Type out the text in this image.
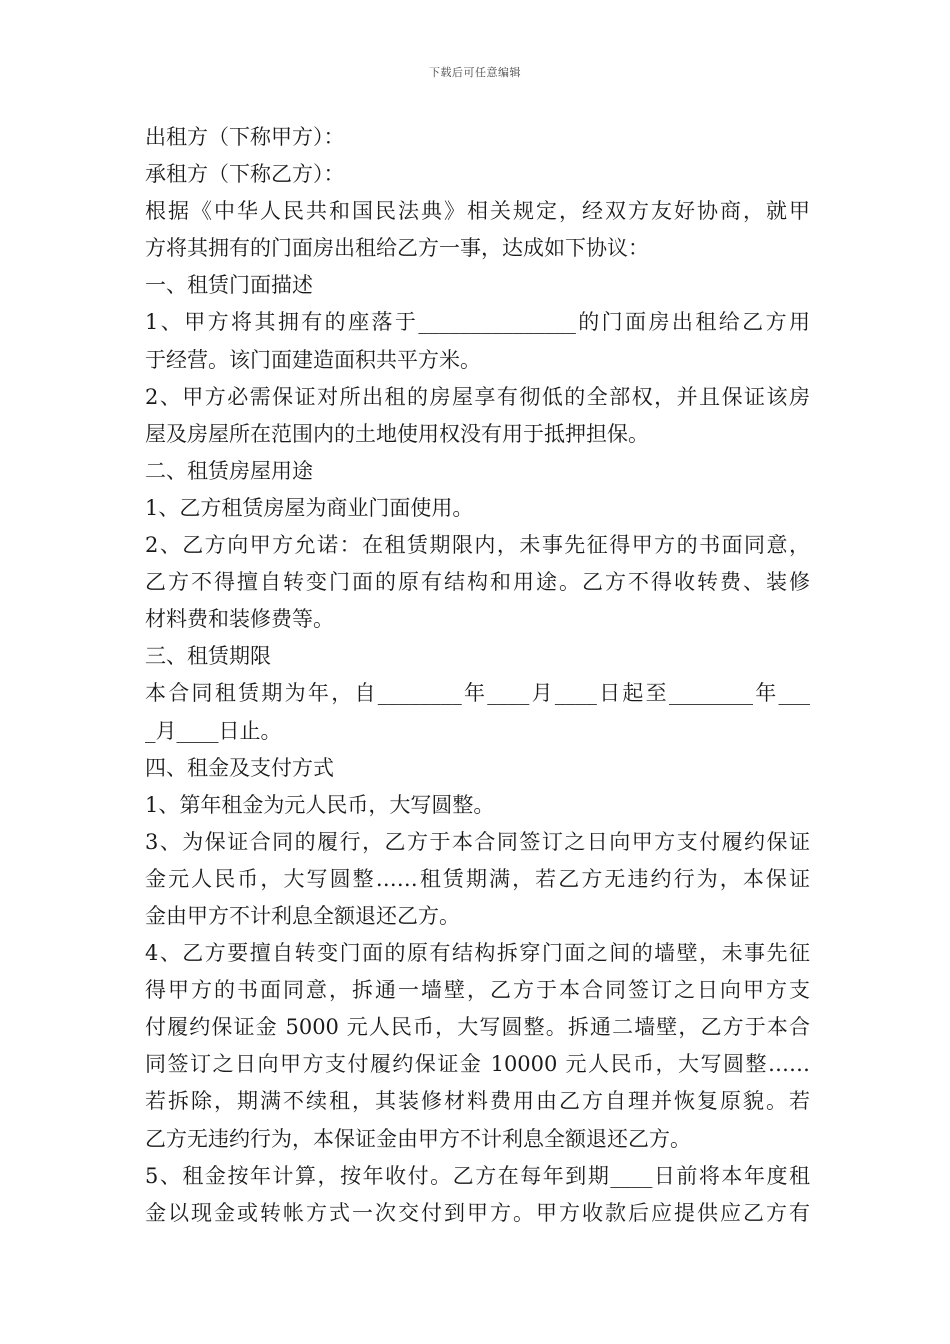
下载后可任意编辑
出租方（下称甲方）：
承租方（下称乙方）：
根据《中华人民共和国民法典》相关规定，经双方友好协商，就甲
方将其拥有的门面房出租给乙方一事，达成如下协议：
一、租赁门面描述
1、甲方将其拥有的座落于_______________的门面房出租给乙方用
于经营。该门面建造面积共平方米。
2、甲方必需保证对所出租的房屋享有彻低的全部权，并且保证该房
屋及房屋所在范围内的土地使用权没有用于抵押担保。
二、租赁房屋用途
1、乙方租赁房屋为商业门面使用。
2、乙方向甲方允诺：在租赁期限内，未事先征得甲方的书面同意，
乙方不得擅自转变门面的原有结构和用途。乙方不得收转费、装修
材料费和装修费等。
三、租赁期限
本合同租赁期为年，自________年____月____日起至________年___
_月____日止。
四、租金及支付方式
1、第年租金为元人民币，大写圆整。
3、为保证合同的履行，乙方于本合同签订之日向甲方支付履约保证
金元人民币，大写圆整……租赁期满，若乙方无违约行为，本保证
金由甲方不计利息全额退还乙方。
4、乙方要擅自转变门面的原有结构拆穿门面之间的墙壁，未事先征
得甲方的书面同意，拆通一墙壁，乙方于本合同签订之日向甲方支
付履约保证金 5000 元人民币，大写圆整。拆通二墙壁，乙方于本合
同签订之日向甲方支付履约保证金 10000 元人民币，大写圆整……
若拆除，期满不续租，其装修材料费用由乙方自理并恢复原貌。若
乙方无违约行为，本保证金由甲方不计利息全额退还乙方。
5、租金按年计算，按年收付。乙方在每年到期____日前将本年度租
金以现金或转帐方式一次交付到甲方。甲方收款后应提供应乙方有
